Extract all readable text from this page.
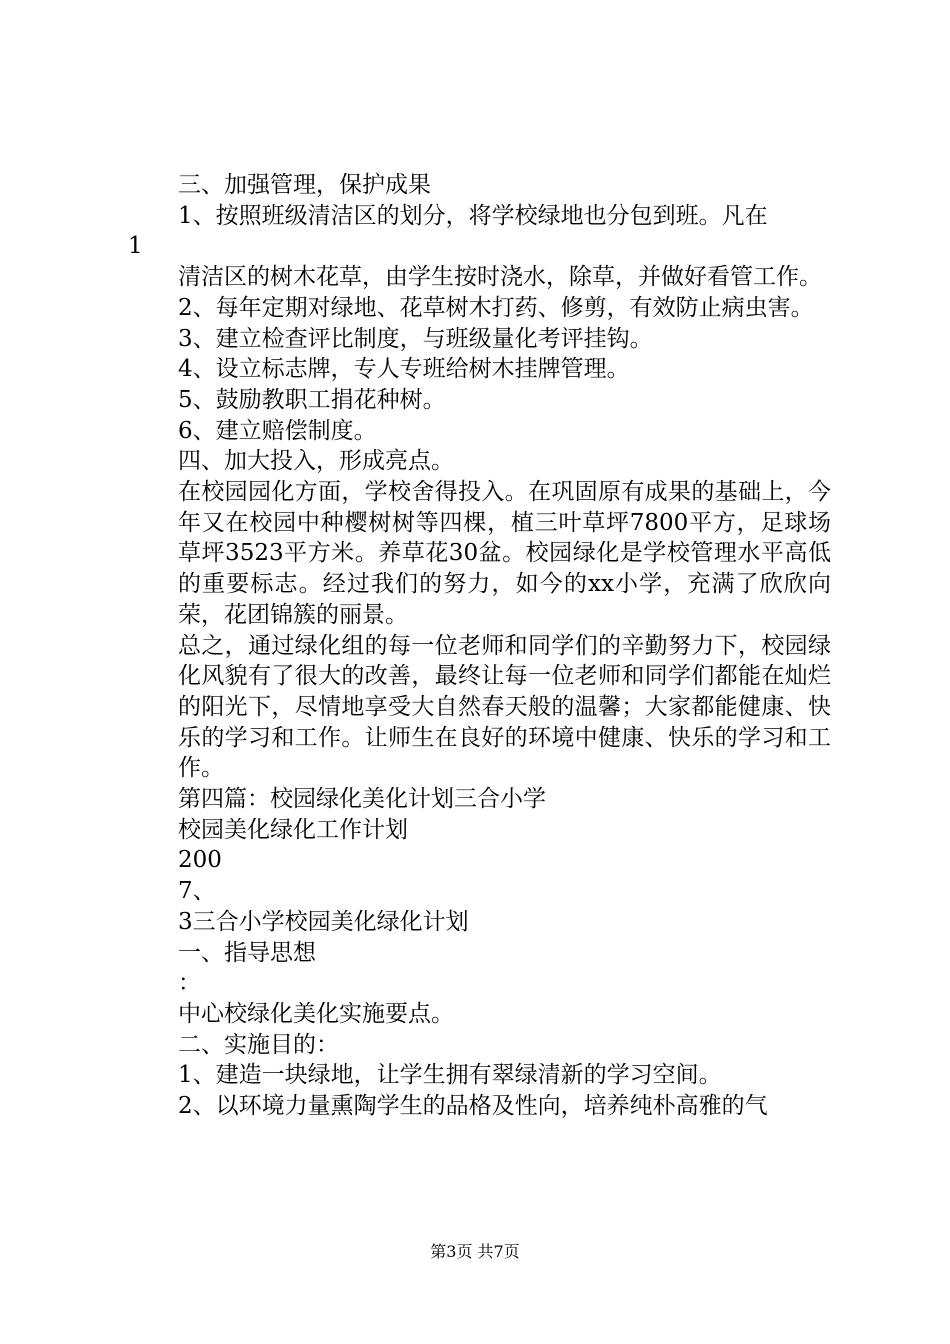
三、加强管理，保护成果

1、按照班级清洁区的划分，将学校绿地也分包到班。凡在

1

清洁区的树木花草，由学生按时浇水，除草，并做好看管工作。

2、每年定期对绿地、花草树木打药、修剪，有效防止病虫害。

3、建立检查评比制度，与班级量化考评挂钩。

4、设立标志牌，专人专班给树木挂牌管理。

5、鼓励教职工捐花种树。

6、建立赔偿制度。

四、加大投入，形成亮点。

在校园园化方面，学校舍得投入。在巩固原有成果的基础上，今年又在校园中种樱树树等四棵，植三叶草坪7800平方，足球场草坪3523平方米。养草花30盆。校园绿化是学校管理水平高低的重要标志。经过我们的努力，如今的xx小学，充满了欣欣向荣，花团锦簇的丽景。

总之，通过绿化组的每一位老师和同学们的辛勤努力下，校园绿化风貌有了很大的改善，最终让每一位老师和同学们都能在灿烂的阳光下，尽情地享受大自然春天般的温馨；大家都能健康、快乐的学习和工作。让师生在良好的环境中健康、快乐的学习和工作。

第四篇：校园绿化美化计划三合小学

校园美化绿化工作计划

200

7、

3三合小学校园美化绿化计划

一、指导思想

：

中心校绿化美化实施要点。

二、实施目的：

1、建造一块绿地，让学生拥有翠绿清新的学习空间。

2、以环境力量熏陶学生的品格及性向，培养纯朴高雅的气

第3页 共7页
